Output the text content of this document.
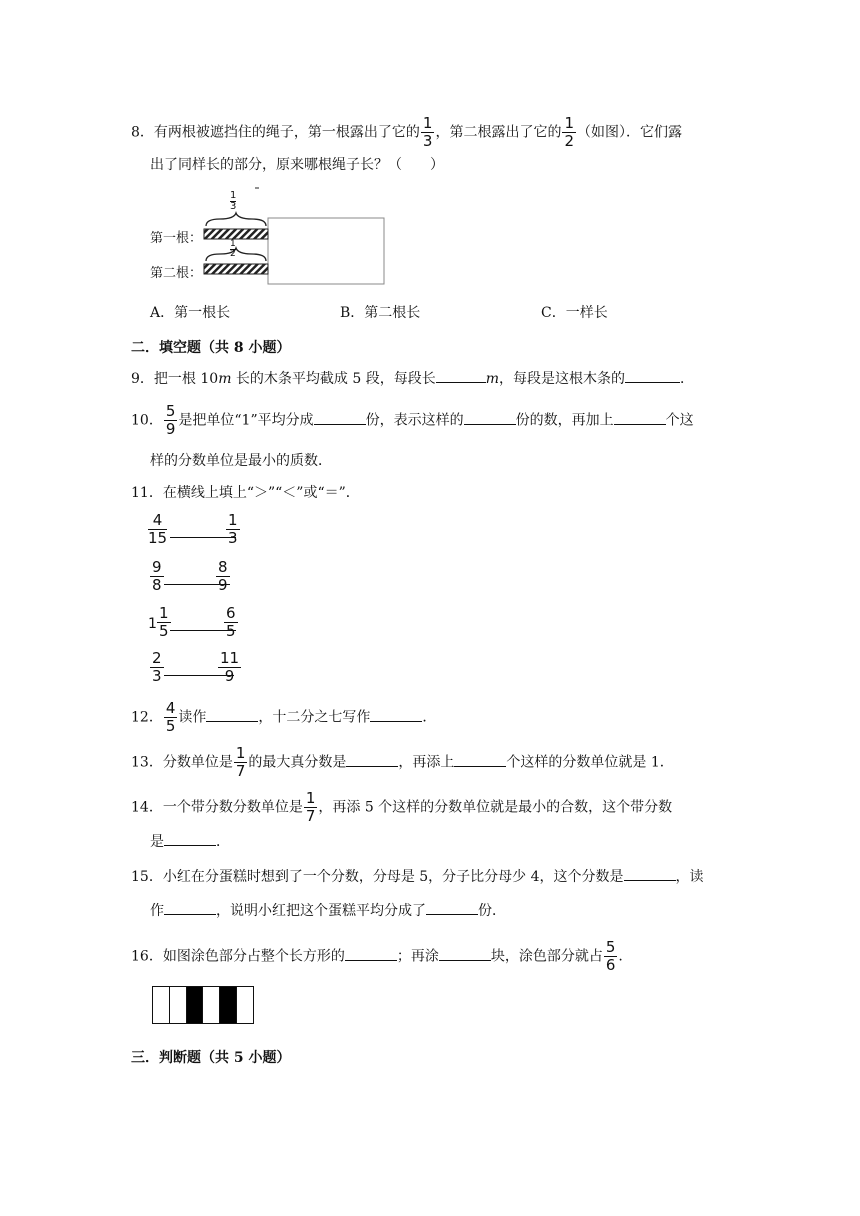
8．有两根被遮挡住的绳子，第一根露出了它的 $\frac{1}{3}$ ，第二根露出了它的 $\frac{1}{2}$ （如图）．它们露
出了同样长的部分，原来哪根绳子长？（　　）
第一根：
第二根：
$\frac{1}{3}$
$\frac{1}{2}$
A．第一根长	B．第二根长	C．一样长
二．填空题（共 8 小题）
9．把一根 10m 长的木条平均截成 5 段，每段长	m，每段是这根木条的	．
10． $\frac{5}{9}$ 是把单位“1”平均分成	份，表示这样的	份的数，再加上	个这
样的分数单位是最小的质数．
11．在横线上填上“＞”“＜”或“＝”．
$\frac{4}{15}$	$\frac{1}{3}$
$\frac{9}{8}$	$\frac{8}{9}$
$1 \frac{1}{5}$	$\frac{6}{5}$
$\frac{2}{3}$	$\frac{11}{9}$
12． $\frac{4}{5}$ 读作	，十二分之七写作	．
13．分数单位是 $\frac{1}{7}$ 的最大真分数是	，再添上	个这样的分数单位就是 1．
14．一个带分数分数单位是 $\frac{1}{7}$ ，再添 5 个这样的分数单位就是最小的合数，这个带分数
是	．
15．小红在分蛋糕时想到了一个分数，分母是 5，分子比分母少 4，这个分数是	，读
作	，说明小红把这个蛋糕平均分成了	份．
16．如图涂色部分占整个长方形的	；再涂	块，涂色部分就占 $\frac{5}{6}$ .
三．判断题（共 5 小题）
